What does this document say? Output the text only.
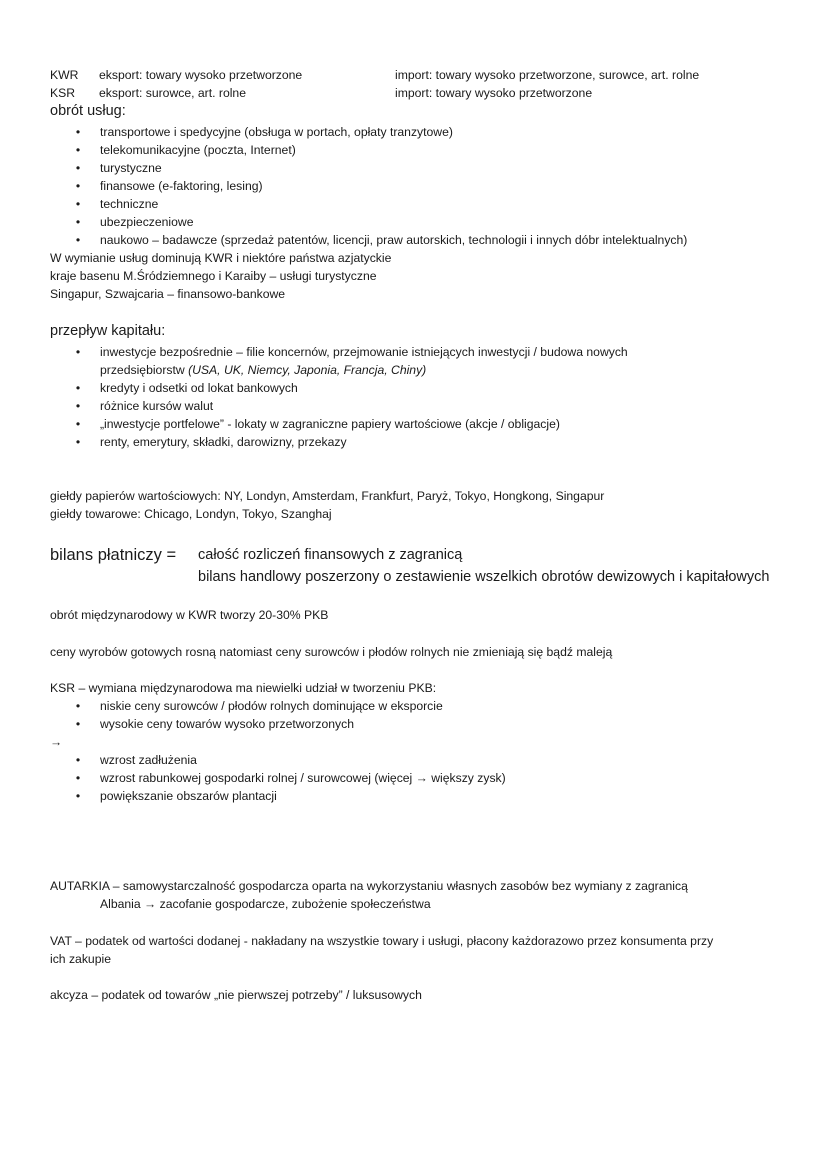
KWR eksport: towary wysoko przetworzone	import: towary wysoko przetworzone, surowce, art. rolne
KSR eksport: surowce, art. rolne	import: towary wysoko przetworzone
obrót usług:
•
transportowe i spedycyjne (obsługa w portach, opłaty tranzytowe)
•
telekomunikacyjne (poczta, Internet)
•
turystyczne
•
finansowe (e-faktoring, lesing)
•
techniczne
•
ubezpieczeniowe
•
naukowo – badawcze (sprzedaż patentów, licencji, praw autorskich, technologii i innych dóbr intelektualnych)
W wymianie usług dominują KWR i niektóre państwa azjatyckie
kraje basenu M.Śródziemnego i Karaiby – usługi turystyczne
Singapur, Szwajcaria – finansowo-bankowe
przepływ kapitału:
•
inwestycje bezpośrednie – filie koncernów, przejmowanie istniejących inwestycji / budowa nowych
przedsiębiorstw (USA, UK, Niemcy, Japonia, Francja, Chiny)
•
kredyty i odsetki od lokat bankowych
•
różnice kursów walut
•
„inwestycje portfelowe” - lokaty w zagraniczne papiery wartościowe (akcje / obligacje)
•
renty, emerytury, składki, darowizny, przekazy
giełdy papierów wartościowych: NY, Londyn, Amsterdam, Frankfurt, Paryż, Tokyo, Hongkong, Singapur
giełdy towarowe: Chicago, Londyn, Tokyo, Szanghaj
bilans płatniczy = całość rozliczeń finansowych z zagranicą
bilans handlowy poszerzony o zestawienie wszelkich obrotów dewizowych i kapitałowych
obrót międzynarodowy w KWR tworzy 20-30% PKB
ceny wyrobów gotowych rosną natomiast ceny surowców i płodów rolnych nie zmieniają się bądź maleją
KSR – wymiana międzynarodowa ma niewielki udział w tworzeniu PKB:
•
niskie ceny surowców / płodów rolnych dominujące w eksporcie
•
wysokie ceny towarów wysoko przetworzonych
→
•
wzrost zadłużenia
•
wzrost rabunkowej gospodarki rolnej / surowcowej (więcej → większy zysk)
•
powiększanie obszarów plantacji
AUTARKIA – samowystarczalność gospodarcza oparta na wykorzystaniu własnych zasobów bez wymiany z zagranicą
Albania → zacofanie gospodarcze, zubożenie społeczeństwa
VAT – podatek od wartości dodanej - nakładany na wszystkie towary i usługi, płacony każdorazowo przez konsumenta przy
ich zakupie
akcyza – podatek od towarów „nie pierwszej potrzeby” / luksusowych
